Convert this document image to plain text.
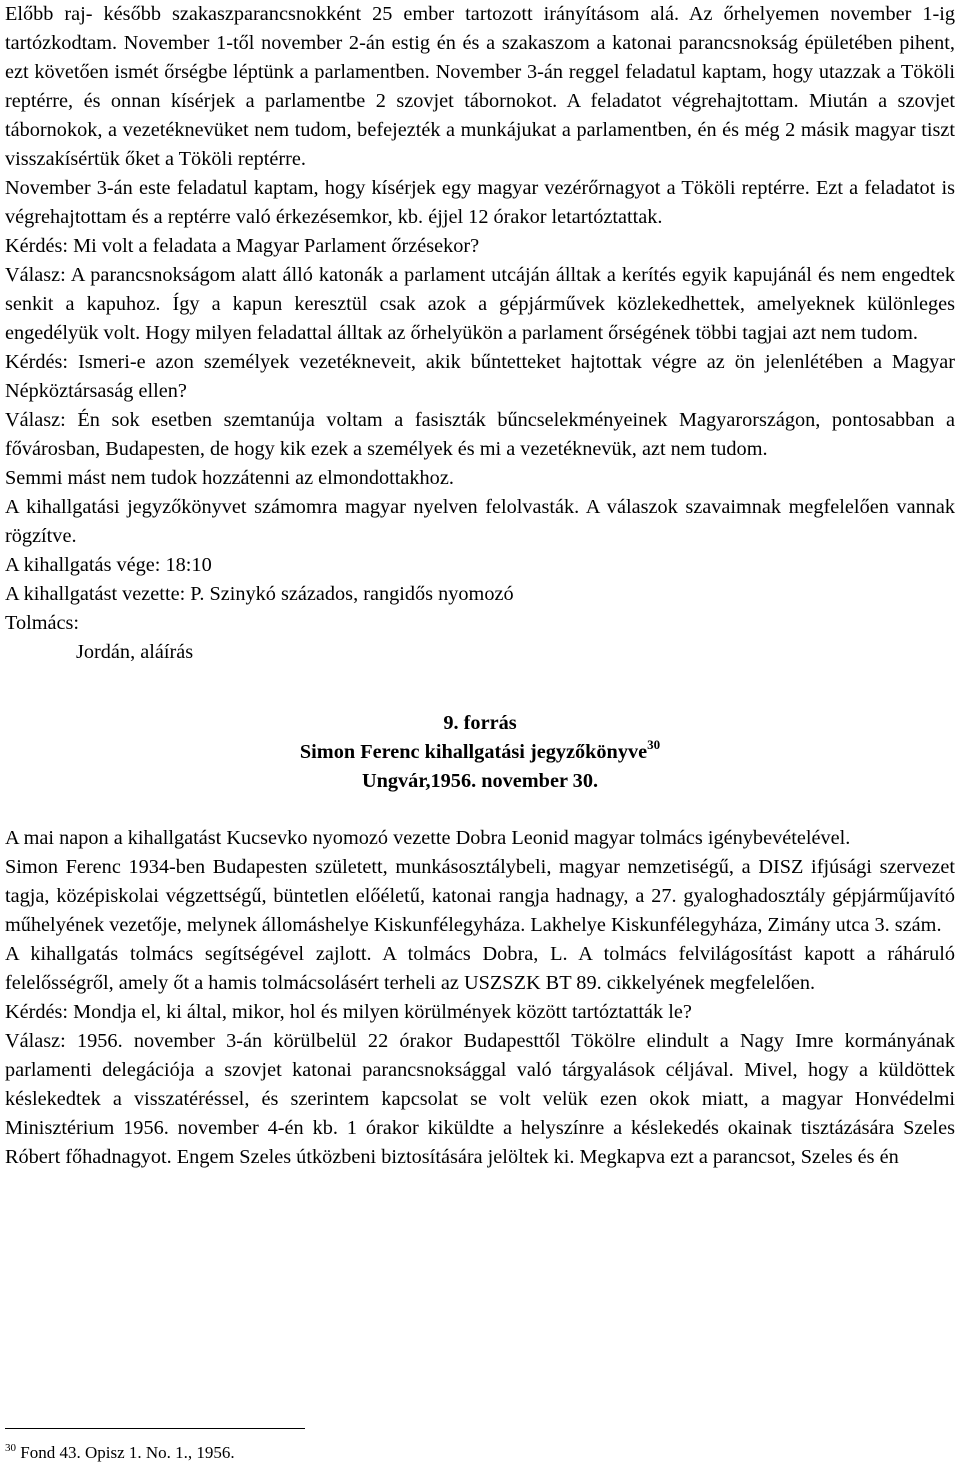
Előbb raj- később szakaszparancsnokként 25 ember tartozott irányításom alá. Az őrhelyemen november 1-ig tartózkodtam. November 1-től november 2-án estig én és a szakaszom a katonai parancsnokság épületében pihent, ezt követően ismét őrségbe léptünk a parlamentben. November 3-án reggel feladatul kaptam, hogy utazzak a Tököli reptérre, és onnan kísérjek a parlamentbe 2 szovjet tábornokot. A feladatot végrehajtottam. Miután a szovjet tábornokok, a vezetéknevüket nem tudom, befejezték a munkájukat a parlamentben, én és még 2 másik magyar tiszt visszakísértük őket a Tököli reptérre.

November 3-án este feladatul kaptam, hogy kísérjek egy magyar vezérőrnagyot a Tököli reptérre. Ezt a feladatot is végrehajtottam és a reptérre való érkezésemkor, kb. éjjel 12 órakor letartóztattak.

Kérdés: Mi volt a feladata a Magyar Parlament őrzésekor?

Válasz: A parancsnokságom alatt álló katonák a parlament utcáján álltak a kerítés egyik kapujánál és nem engedtek senkit a kapuhoz. Így a kapun keresztül csak azok a gépjárművek közlekedhettek, amelyeknek különleges engedélyük volt. Hogy milyen feladattal álltak az őrhelyükön a parlament őrségének többi tagjai azt nem tudom.

Kérdés: Ismeri-e azon személyek vezetékneveit, akik bűntetteket hajtottak végre az ön jelenlétében a Magyar Népköztársaság ellen?

Válasz: Én sok esetben szemtanúja voltam a fasiszták bűncselekményeinek Magyarországon, pontosabban a fővárosban, Budapesten, de hogy kik ezek a személyek és mi a vezetéknevük, azt nem tudom.

Semmi mást nem tudok hozzátenni az elmondottakhoz.

A kihallgatási jegyzőkönyvet számomra magyar nyelven felolvasták. A válaszok szavaimnak megfelelően vannak rögzítve.

A kihallgatás vége: 18:10

A kihallgatást vezette: P. Szinykó százados, rangidős nyomozó

Tolmács:

Jordán, aláírás

9. forrás
Simon Ferenc kihallgatási jegyzőkönyve$^{30}$
Ungvár,1956. november 30.

A mai napon a kihallgatást Kucsevko nyomozó vezette Dobra Leonid magyar tolmács igénybevételével.

Simon Ferenc 1934-ben Budapesten született, munkásosztálybeli, magyar nemzetiségű, a DISZ ifjúsági szervezet tagja, középiskolai végzettségű, büntetlen előéletű, katonai rangja hadnagy, a 27. gyaloghadosztály gépjárműjavító műhelyének vezetője, melynek állomáshelye Kiskunfélegyháza. Lakhelye Kiskunfélegyháza, Zimány utca 3. szám.

A kihallgatás tolmács segítségével zajlott. A tolmács Dobra, L. A tolmács felvilágosítást kapott a ráháruló felelősségről, amely őt a hamis tolmácsolásért terheli az USZSZK BT 89. cikkelyének megfelelően.

Kérdés: Mondja el, ki által, mikor, hol és milyen körülmények között tartóztatták le?

Válasz: 1956. november 3-án körülbelül 22 órakor Budapesttől Tökölre elindult a Nagy Imre kormányának parlamenti delegációja a szovjet katonai parancsnoksággal való tárgyalások céljával. Mivel, hogy a küldöttek késlekedtek a visszatéréssel, és szerintem kapcsolat se volt velük ezen okok miatt, a magyar Honvédelmi Minisztérium 1956. november 4-én kb. 1 órakor kiküldte a helyszínre a késlekedés okainak tisztázására Szeles Róbert főhadnagyot. Engem Szeles útközbeni biztosítására jelöltek ki. Megkapva ezt a parancsot, Szeles és én

$^{30}$ Fond 43. Opisz 1. No. 1., 1956.
